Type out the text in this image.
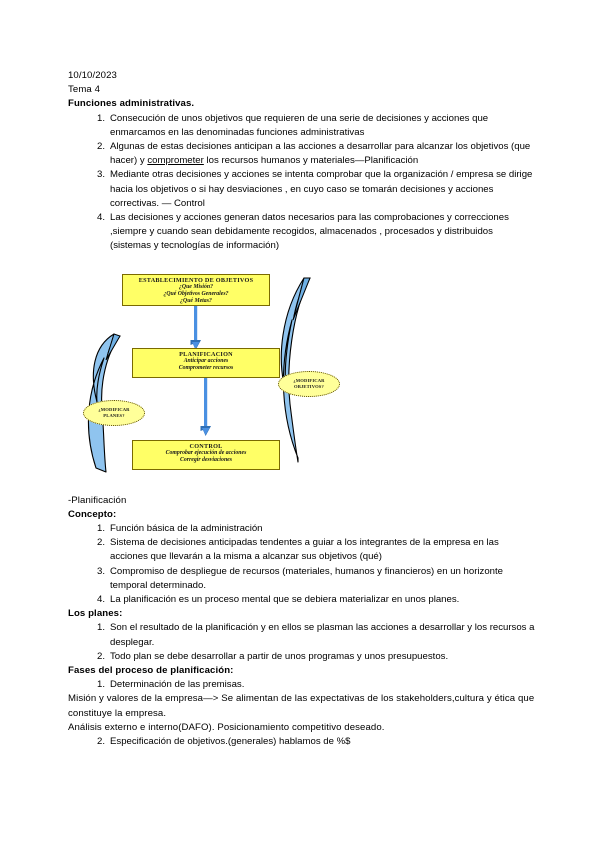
10/10/2023
Tema 4
Funciones administrativas.
Consecución de unos objetivos que requieren de una serie de decisiones y acciones que enmarcamos en las denominadas funciones administrativas
Algunas de estas decisiones anticipan a las acciones a desarrollar para alcanzar los objetivos (que hacer) y comprometer los recursos humanos y materiales—Planificación
Mediante otras decisiones y acciones se intenta comprobar que la organización / empresa se dirige hacia los objetivos o si hay desviaciones , en cuyo caso se tomarán decisiones y acciones correctivas. — Control
Las decisiones y acciones generan datos necesarios para las comprobaciones y correcciones ,siempre y cuando sean debidamente recogidos, almacenados , procesados y distribuidos (sistemas y tecnologías de información)
ESTABLECIMIENTO DE OBJETIVOS
¿Que Misión?
¿Qué Objetivos Generales?
¿Qué Metas?
PLANIFICACION
Anticipar acciones
Comprometer recursos
CONTROL
Comprobar ejecución de acciones
Corregir desviaciones
¿MODIFICAR
PLANES?
¿MODIFICAR
OBJETIVOS?
-Planificación
Concepto:
Función básica de la administración
Sistema de decisiones anticipadas tendentes a guiar a los integrantes de la empresa en las acciones que llevarán a la misma a alcanzar sus objetivos (qué)
Compromiso de despliegue de recursos (materiales, humanos y financieros) en un horizonte temporal determinado.
La planificación es un proceso mental que se debiera materializar en unos planes.
Los planes:
Son el resultado de la planificación y en ellos se plasman las acciones a desarrollar y los recursos a desplegar.
Todo plan se debe desarrollar a partir de unos programas y unos presupuestos.
Fases del proceso de planificación:
Determinación de las premisas.
Misión y valores de la empresa—> Se alimentan de las expectativas de los stakeholders,cultura y ética que constituye la empresa.
Análisis externo e interno(DAFO). Posicionamiento competitivo deseado.
Especificación de objetivos.(generales) hablamos de %$
